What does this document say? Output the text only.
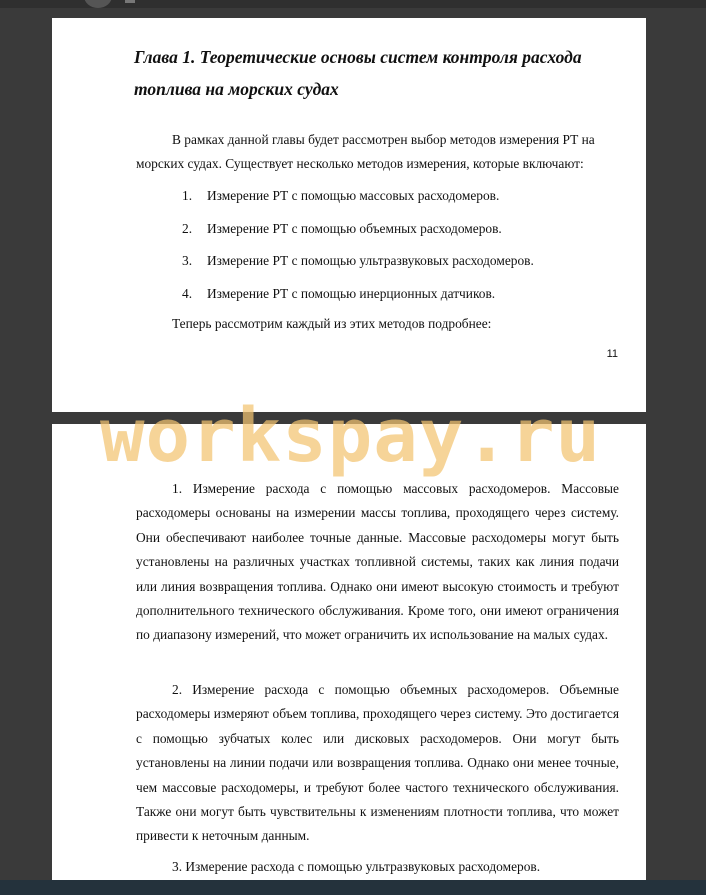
Глава 1. Теоретические основы систем контроля расхода топлива на морских судах

В рамках данной главы будет рассмотрен выбор методов измерения РТ на морских судах. Существует несколько методов измерения, которые включают:

1. Измерение РТ с помощью массовых расходомеров.
2. Измерение РТ с помощью объемных расходомеров.
3. Измерение РТ с помощью ультразвуковых расходомеров.
4. Измерение РТ с помощью инерционных датчиков.

Теперь рассмотрим каждый из этих методов подробнее:

11

1. Измерение расхода с помощью массовых расходомеров. Массовые расходомеры основаны на измерении массы топлива, проходящего через систему. Они обеспечивают наиболее точные данные. Массовые расходомеры могут быть установлены на различных участках топливной системы, таких как линия подачи или линия возвращения топлива. Однако они имеют высокую стоимость и требуют дополнительного технического обслуживания. Кроме того, они имеют ограничения по диапазону измерений, что может ограничить их использование на малых судах.

2. Измерение расхода с помощью объемных расходомеров. Объемные расходомеры измеряют объем топлива, проходящего через систему. Это достигается с помощью зубчатых колес или дисковых расходомеров. Они могут быть установлены на линии подачи или возвращения топлива. Однако они менее точные, чем массовые расходомеры, и требуют более частого технического обслуживания. Также они могут быть чувствительны к изменениям плотности топлива, что может привести к неточным данным.

3. Измерение расхода с помощью ультразвуковых расходомеров.

workspay.ru
